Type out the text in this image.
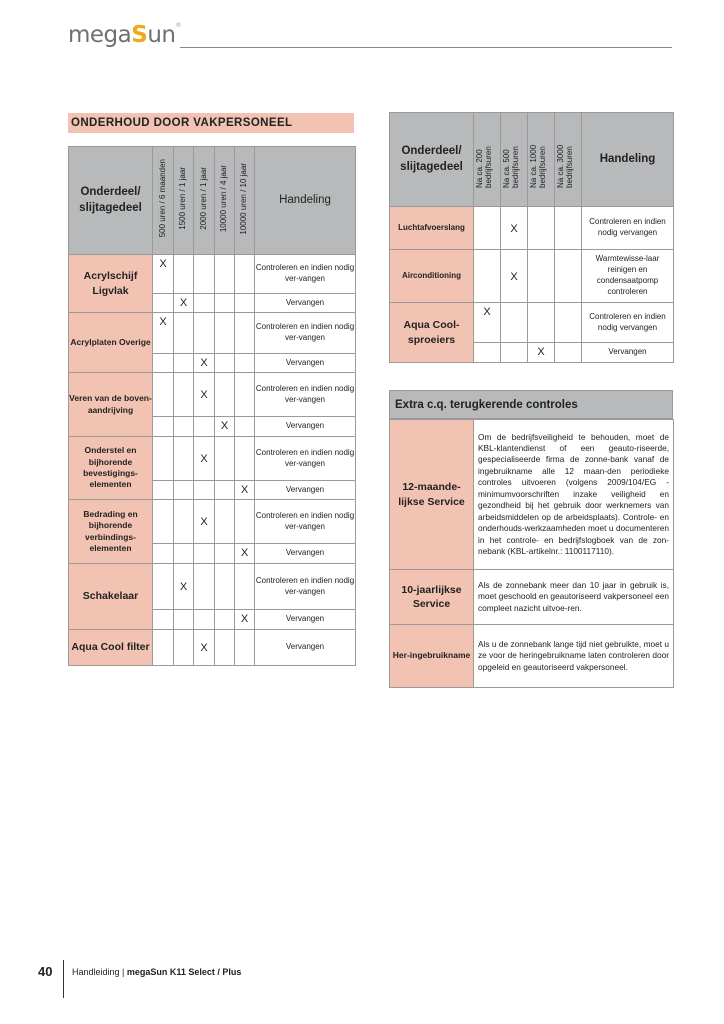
megaSun®
ONDERHOUD DOOR VAKPERSONEEL
Onderdeel/ slijtagedeel	500 uren / 6 maanden	1500 uren / 1 jaar	2000 uren / 1 jaar	10000 uren / 4 jaar	10000 uren / 10 jaar	Handeling
Acrylschijf Ligvlak	X					Controleren en indien nodig ver-vangen
		X				Vervangen
Acrylplaten Overige	X					Controleren en indien nodig ver-vangen
			X			Vervangen
Veren van de boven-aandrijving			X			Controleren en indien nodig ver-vangen
				X		Vervangen
Onderstel en bijhorende bevestigings-elementen			X			Controleren en indien nodig ver-vangen
					X	Vervangen
Bedrading en bijhorende verbindings-elementen			X			Controleren en indien nodig ver-vangen
					X	Vervangen
Schakelaar		X				Controleren en indien nodig ver-vangen
					X	Vervangen
Aqua Cool filter			X			Vervangen
Onderdeel/ slijtagedeel	Na ca. 200 bedrijfsuren	Na ca. 500 bedrijfsuren	Na ca. 1000 bedrijfsuren	Na ca. 3000 bedrijfsuren	Handeling
Luchtafvoerslang		X			Controleren en indien nodig vervangen
Airconditioning		X			Warmtewisse-laar reinigen en condensaatpomp controleren
Aqua Cool-sproeiers	X				Controleren en indien nodig vervangen
			X		Vervangen
Extra c.q. terugkerende controles
12-maande-lijkse Service	Om de bedrijfsveiligheid te behouden, moet de KBL-klantendienst of een geauto-riseerde, gespecialiseerde firma de zonne-bank vanaf de ingebruikname alle 12 maan-den periodieke controles uitvoeren (volgens 2009/104/EG - minimumvoorschriften inzake veiligheid en gezondheid bij het gebruik door werknemers van arbeidsmiddelen op de arbeidsplaats). Controle- en onderhouds-werkzaamheden moet u documenteren in het controle- en bedrijfslogboek van de zon-nebank (KBL-artikelnr.: 1100117110).
10-jaarlijkse Service	Als de zonnebank meer dan 10 jaar in gebruik is, moet geschoold en geautoriseerd vakpersoneel een compleet nazicht uitvoe-ren.
Her-ingebruikname	Als u de zonnebank lange tijd niet gebruikte, moet u ze voor de heringebruikname laten controleren door opgeleid en geautoriseerd vakpersoneel.
40 Handleiding | megaSun K11 Select / Plus
